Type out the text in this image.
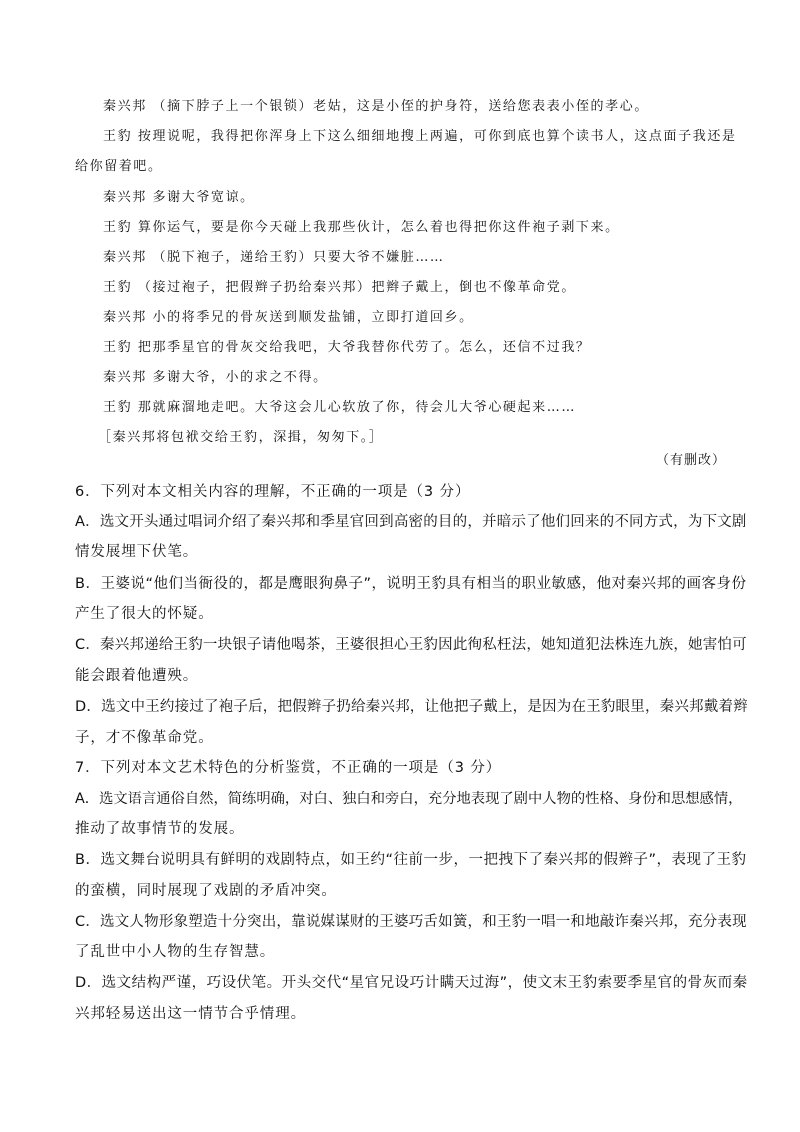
秦兴邦 （摘下脖子上一个银锁）老姑，这是小侄的护身符，送给您表表小侄的孝心。
王豹 按理说呢，我得把你浑身上下这么细细地搜上两遍，可你到底也算个读书人，这点面子我还是
给你留着吧。
秦兴邦 多谢大爷宽谅。
王豹 算你运气，要是你今天碰上我那些伙计，怎么着也得把你这件袍子剥下来。
秦兴邦 （脱下袍子，递给王豹）只要大爷不嫌脏……
王豹 （接过袍子，把假辫子扔给秦兴邦）把辫子戴上，倒也不像革命党。
秦兴邦 小的将季兄的骨灰送到顺发盐铺，立即打道回乡。
王豹 把那季星官的骨灰交给我吧，大爷我替你代劳了。怎么，还信不过我？
秦兴邦 多谢大爷，小的求之不得。
王豹 那就麻溜地走吧。大爷这会儿心软放了你，待会儿大爷心硬起来……
［秦兴邦将包袱交给王豹，深揖，匆匆下。］
（有删改）
6．下列对本文相关内容的理解，不正确的一项是（3 分）
A．选文开头通过唱词介绍了秦兴邦和季星官回到高密的目的，并暗示了他们回来的不同方式，为下文剧
情发展埋下伏笔。
B．王婆说“他们当衙役的，都是鹰眼狗鼻子”，说明王豹具有相当的职业敏感，他对秦兴邦的画客身份
产生了很大的怀疑。
C．秦兴邦递给王豹一块银子请他喝茶，王婆很担心王豹因此徇私枉法，她知道犯法株连九族，她害怕可
能会跟着他遭殃。
D．选文中王约接过了袍子后，把假辫子扔给秦兴邦，让他把子戴上，是因为在王豹眼里，秦兴邦戴着辫
子，才不像革命党。
7．下列对本文艺术特色的分析鉴赏，不正确的一项是（3 分）
A．选文语言通俗自然，简练明确，对白、独白和旁白，充分地表现了剧中人物的性格、身份和思想感情，
推动了故事情节的发展。
B．选文舞台说明具有鲜明的戏剧特点，如王约“往前一步，一把拽下了秦兴邦的假辫子”，表现了王豹
的蛮横，同时展现了戏剧的矛盾冲突。
C．选文人物形象塑造十分突出，靠说媒谋财的王婆巧舌如簧，和王豹一唱一和地敲诈秦兴邦，充分表现
了乱世中小人物的生存智慧。
D．选文结构严谨，巧设伏笔。开头交代“星官兄设巧计瞒天过海”，使文末王豹索要季星官的骨灰而秦
兴邦轻易送出这一情节合乎情理。
